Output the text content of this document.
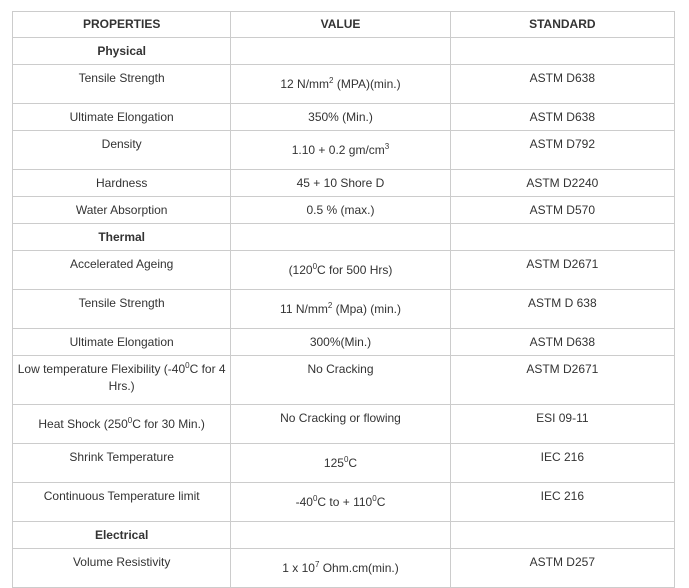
PROPERTIES	VALUE	STANDARD
Physical		
Tensile Strength	12 $N/mm^2$ (MPA)(min.)	ASTM D638
Ultimate Elongation	350% (Min.)	ASTM D638
Density	1.10 + 0.2 $gm/cm^3$	ASTM D792
Hardness	45 + 10 Shore D	ASTM D2240
Water Absorption	0.5 % (max.)	ASTM D570
Thermal		
Accelerated Ageing	($120^0C$ for 500 Hrs)	ASTM D2671
Tensile Strength	11 $N/mm^2$ (Mpa) (min.)	ASTM D 638
Ultimate Elongation	300%(Min.)	ASTM D638
Low temperature Flexibility ($-40^0C$ for 4 Hrs.)	No Cracking	ASTM D2671
Heat Shock ($250^0C$ for 30 Min.)	No Cracking or flowing	ESI 09-11
Shrink Temperature	$125^0C$	IEC 216
Continuous Temperature limit	$-40^0C$ to + $110^0C$	IEC 216
Electrical		
Volume Resistivity	1 x $10^7$ Ohm.cm(min.)	ASTM D257
